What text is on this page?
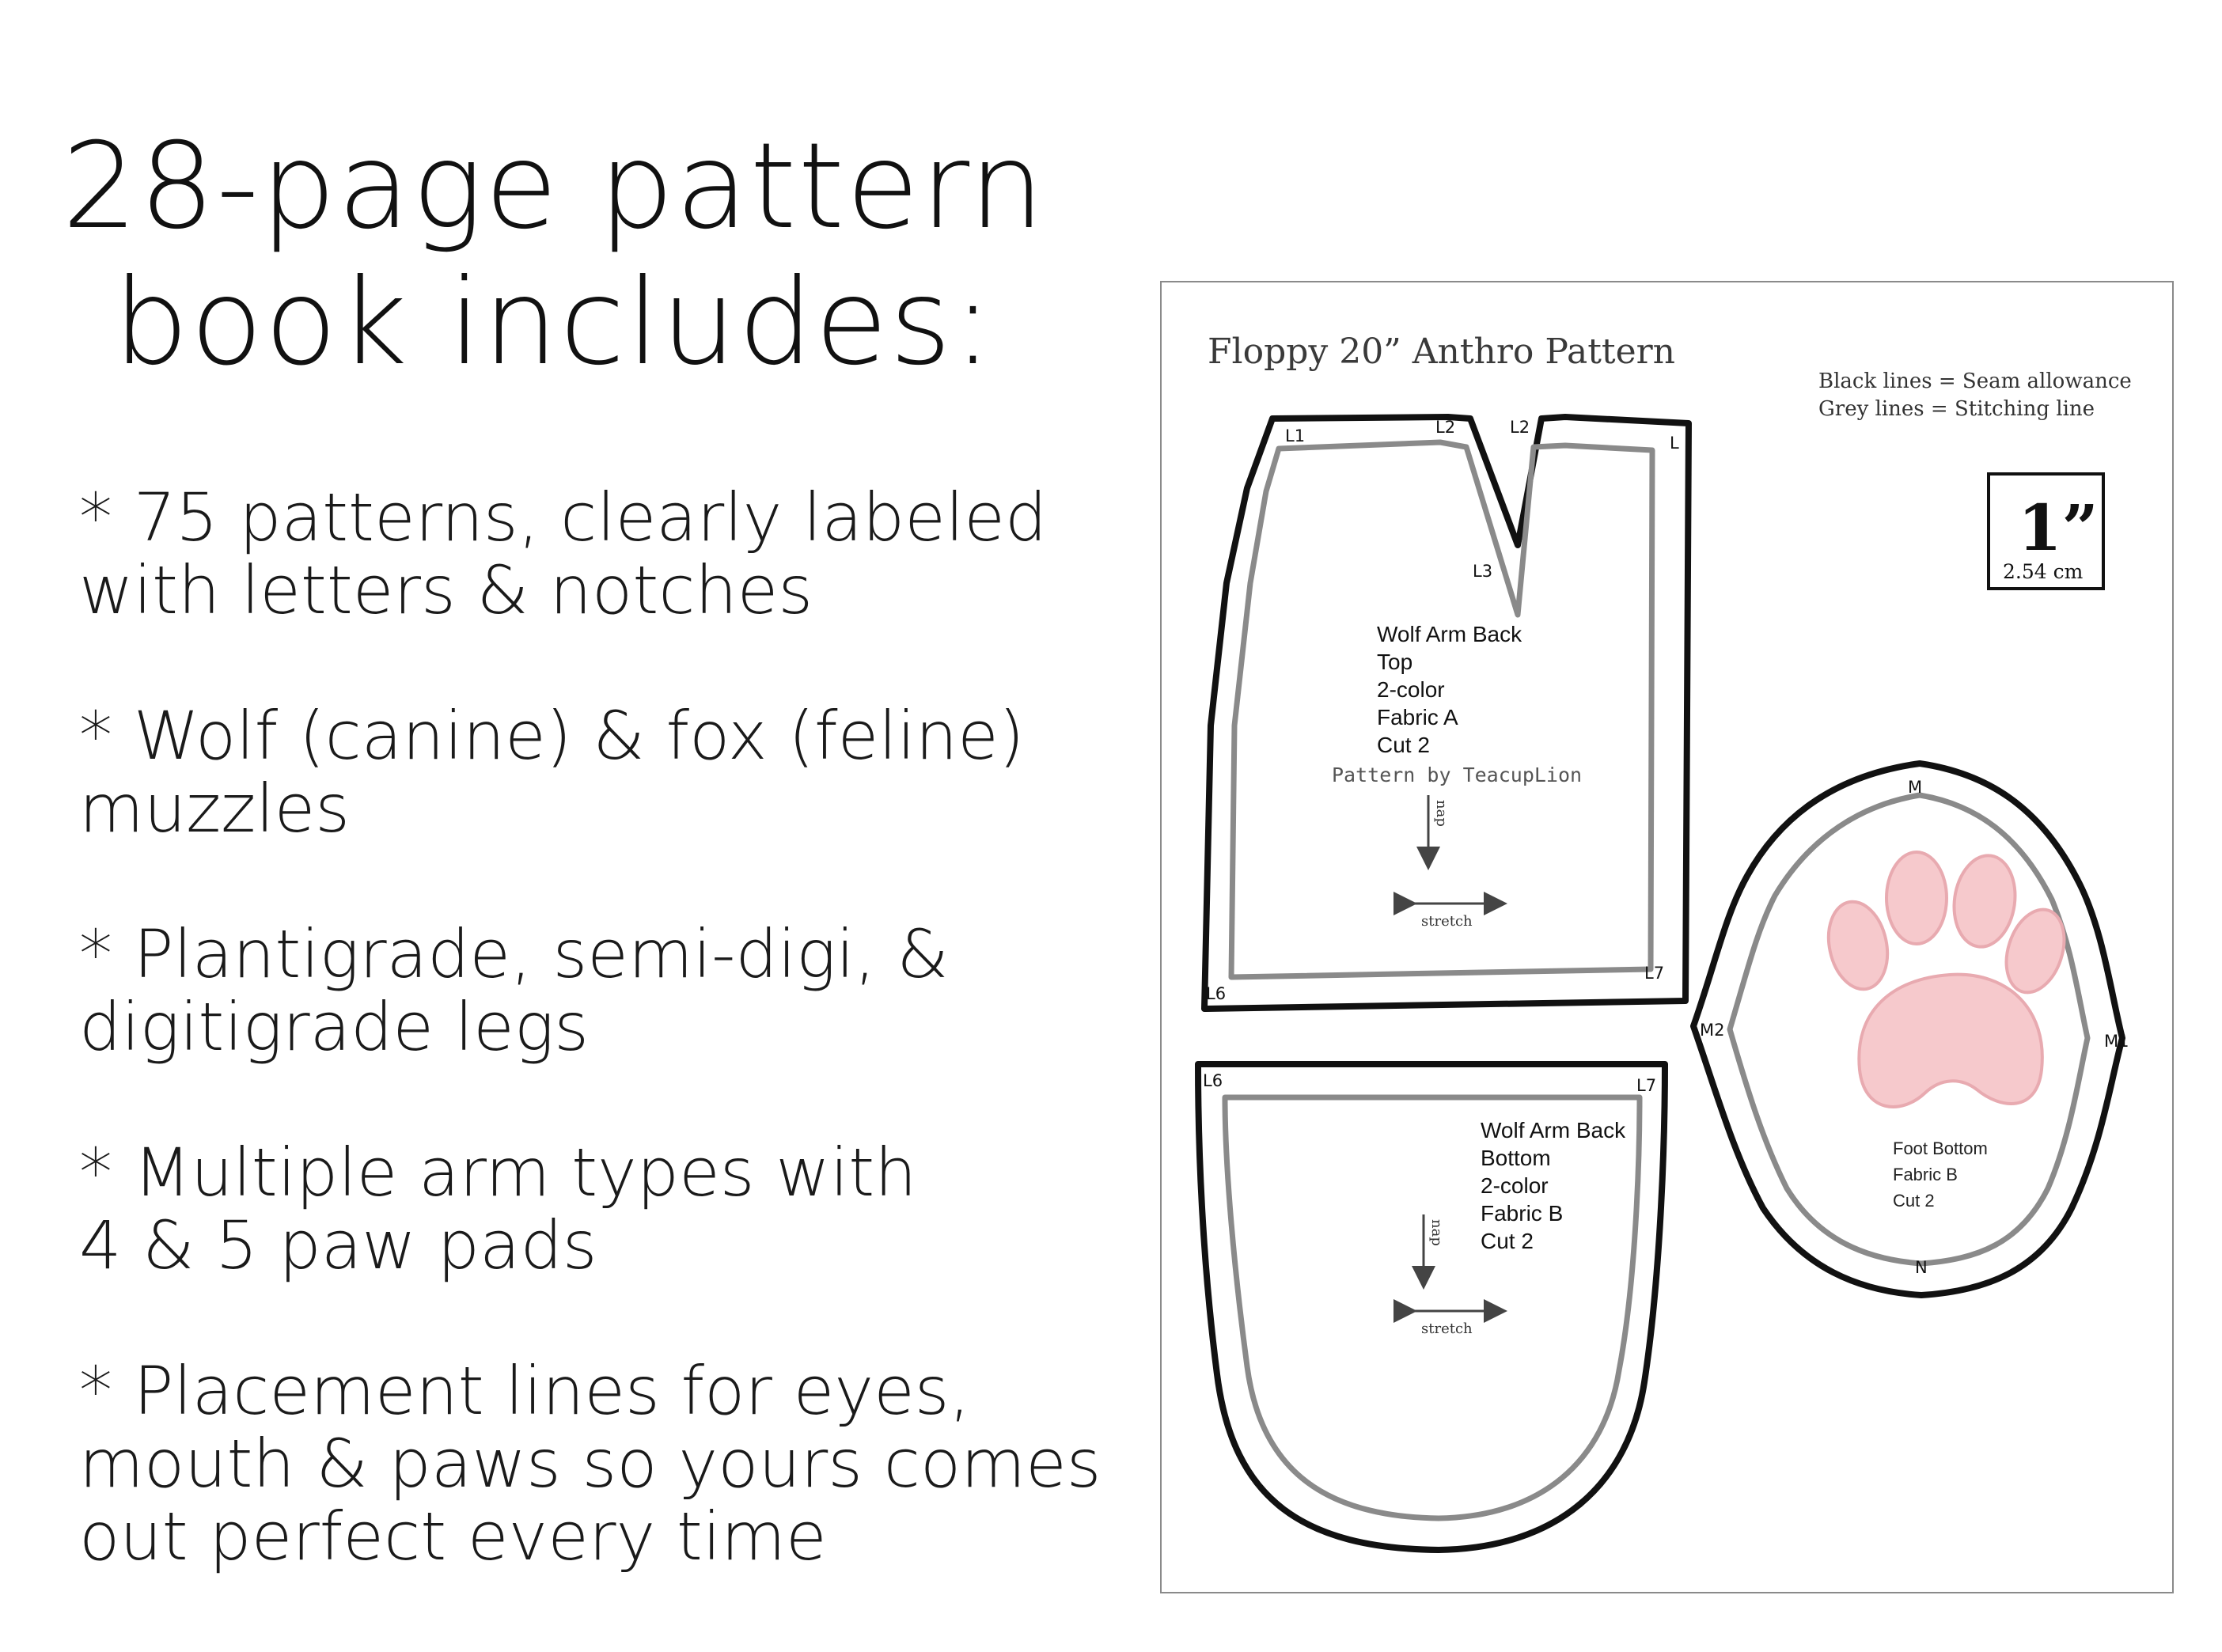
28-page pattern
book includes:
* 75 patterns, clearly labeled
with letters & notches
* Wolf (canine) & fox (feline)
muzzles
* Plantigrade, semi-digi, &
digitigrade legs
* Multiple arm types with
4 & 5 paw pads
* Placement lines for eyes,
mouth & paws so yours comes
out perfect every time
Floppy 20” Anthro Pattern
Black lines = Seam allowance
Grey lines = Stitching line
1”
2.54 cm
L1	L2	L2
L
L3
L6
L7
Wolf Arm Back
Top
2-color
Fabric A
Cut 2
Pattern by TeacupLion
nap
stretch
L6	L7
Wolf Arm Back
Bottom
2-color
Fabric B
Cut 2
nap
stretch
M
M1
M2
N
Foot Bottom
Fabric B
Cut 2
